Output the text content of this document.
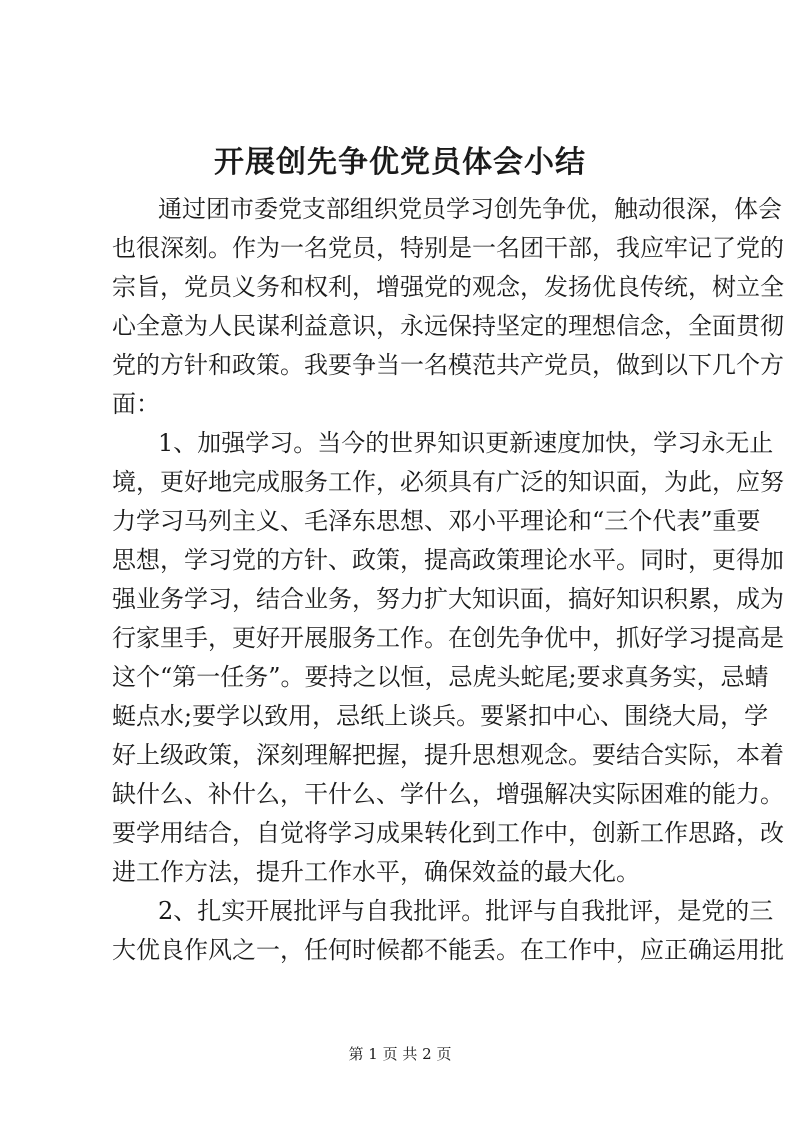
开展创先争优党员体会小结

通过团市委党支部组织党员学习创先争优，触动很深，体会

也很深刻。作为一名党员，特别是一名团干部，我应牢记了党的

宗旨，党员义务和权利，增强党的观念，发扬优良传统，树立全

心全意为人民谋利益意识，永远保持坚定的理想信念，全面贯彻

党的方针和政策。我要争当一名模范共产党员，做到以下几个方

面：

1、加强学习。当今的世界知识更新速度加快，学习永无止

境，更好地完成服务工作，必须具有广泛的知识面，为此，应努

力学习马列主义、毛泽东思想、邓小平理论和“三个代表”重要

思想，学习党的方针、政策，提高政策理论水平。同时，更得加

强业务学习，结合业务，努力扩大知识面，搞好知识积累，成为

行家里手，更好开展服务工作。在创先争优中，抓好学习提高是

这个“第一任务”。要持之以恒，忌虎头蛇尾;要求真务实，忌蜻

蜓点水;要学以致用，忌纸上谈兵。要紧扣中心、围绕大局，学

好上级政策，深刻理解把握，提升思想观念。要结合实际，本着

缺什么、补什么，干什么、学什么，增强解决实际困难的能力。

要学用结合，自觉将学习成果转化到工作中，创新工作思路，改

进工作方法，提升工作水平，确保效益的最大化。

2、扎实开展批评与自我批评。批评与自我批评，是党的三

大优良作风之一，任何时候都不能丢。在工作中，应正确运用批

第 1 页 共 2 页
